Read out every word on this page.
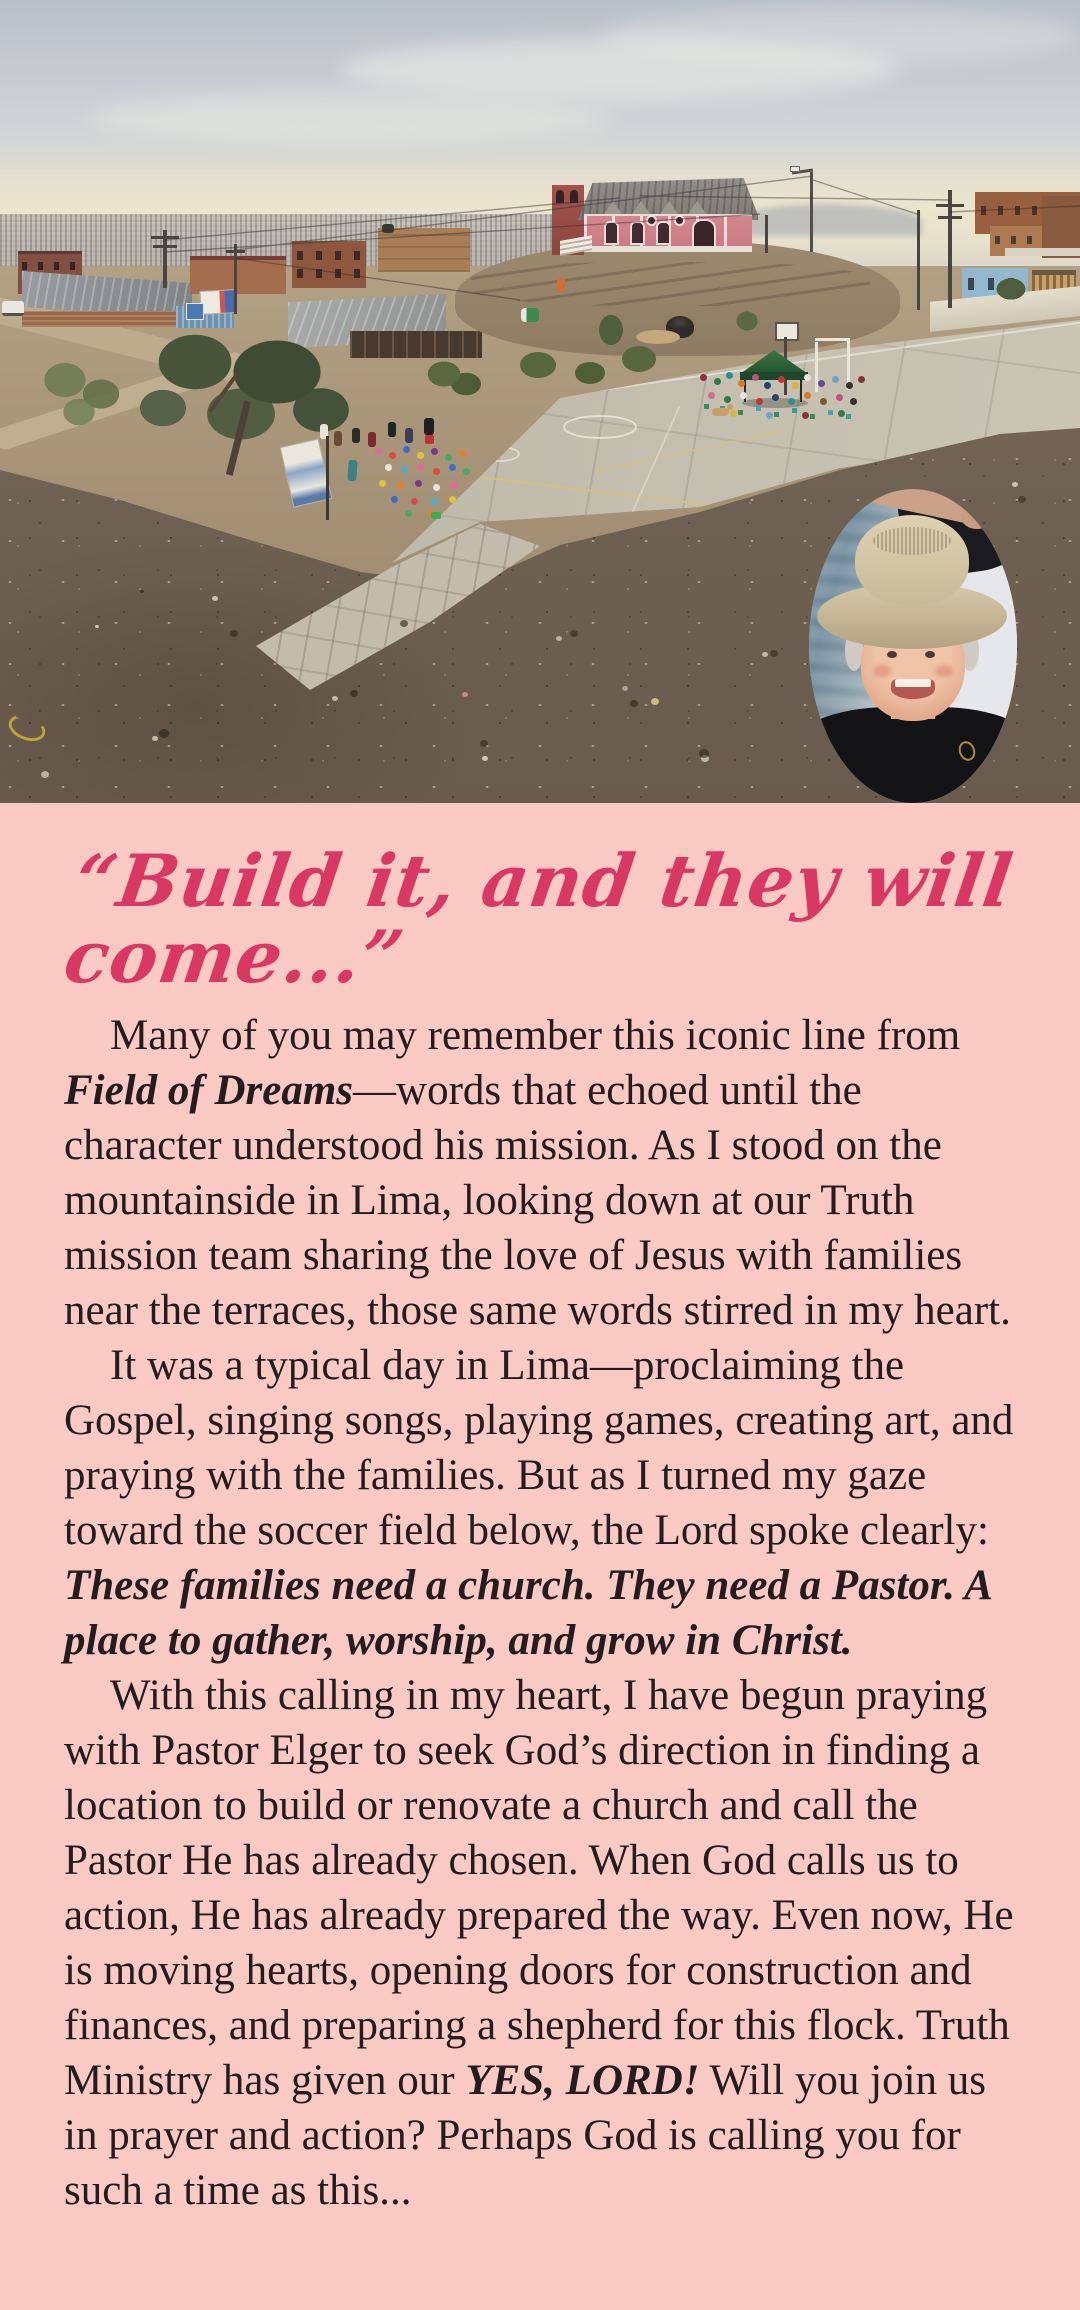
“Build it, and they will come...”

Many of you may remember this iconic line from Field of Dreams—words that echoed until the character understood his mission. As I stood on the mountainside in Lima, looking down at our Truth mission team sharing the love of Jesus with families near the terraces, those same words stirred in my heart.

It was a typical day in Lima—proclaiming the Gospel, singing songs, playing games, creating art, and praying with the families. But as I turned my gaze toward the soccer field below, the Lord spoke clearly: These families need a church. They need a Pastor. A place to gather, worship, and grow in Christ.

With this calling in my heart, I have begun praying with Pastor Elger to seek God’s direction in finding a location to build or renovate a church and call the Pastor He has already chosen. When God calls us to action, He has already prepared the way. Even now, He is moving hearts, opening doors for construction and finances, and preparing a shepherd for this flock. Truth Ministry has given our YES, LORD! Will you join us in prayer and action? Perhaps God is calling you for such a time as this...
